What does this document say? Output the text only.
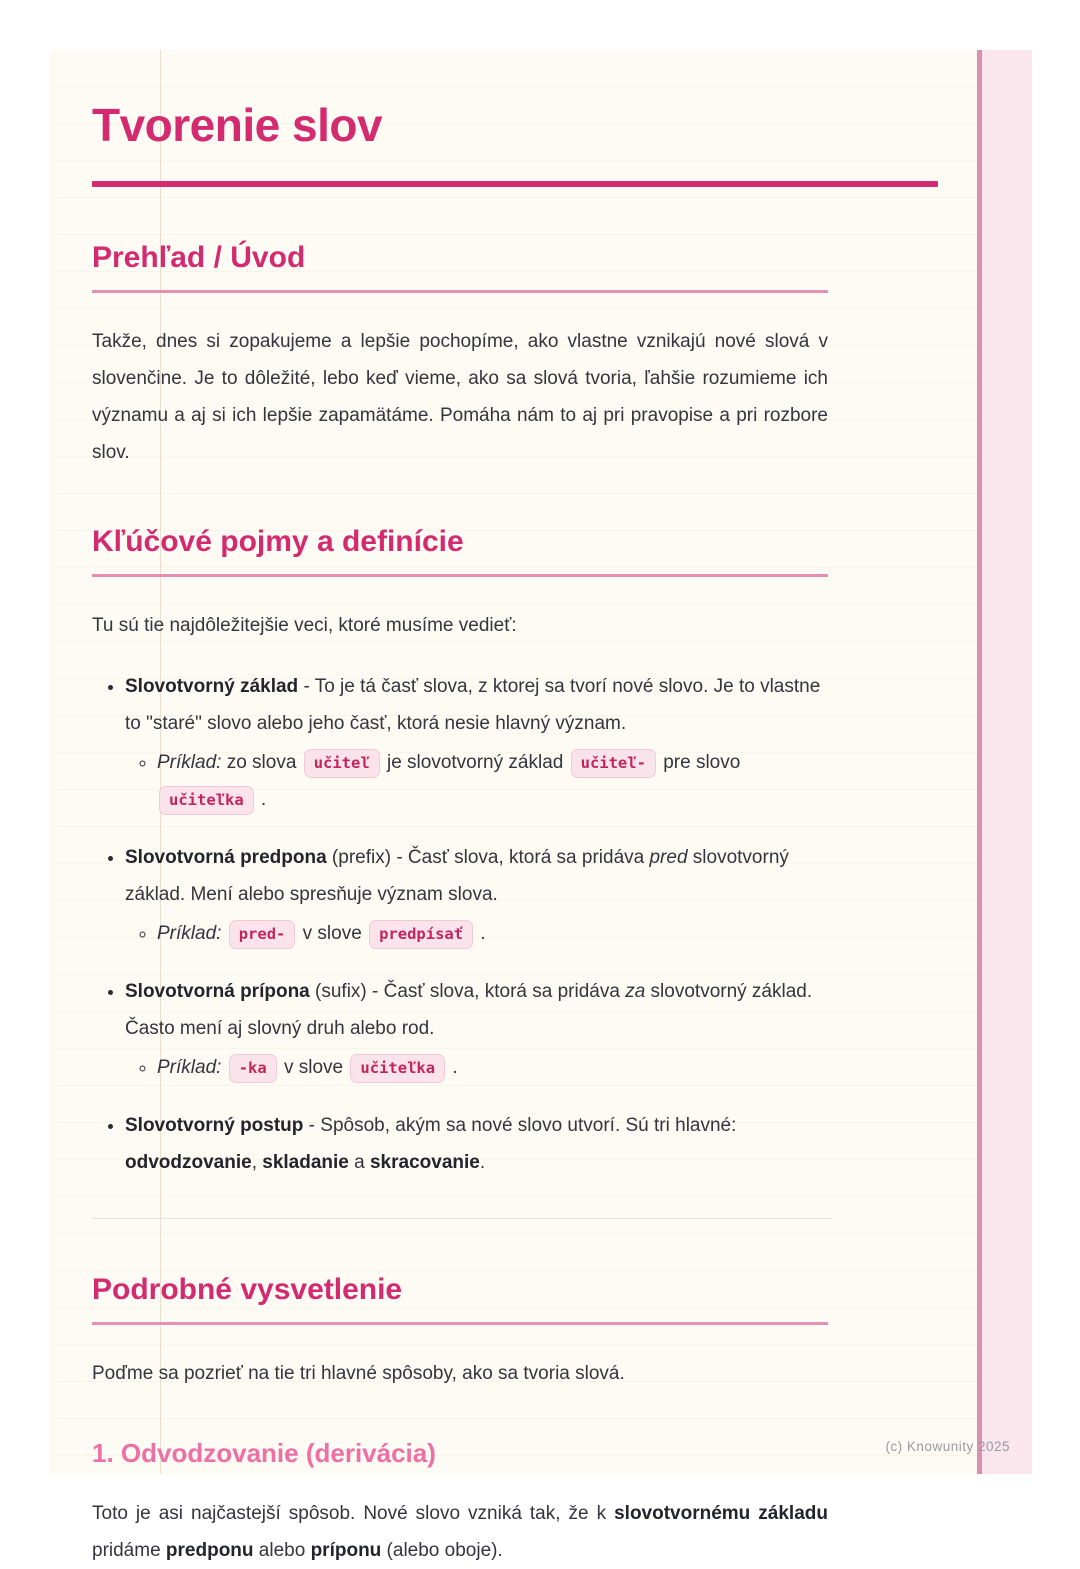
Tvorenie slov
Prehľad / Úvod

Takže, dnes si zopakujeme a lepšie pochopíme, ako vlastne vznikajú nové slová v slovenčine. Je to dôležité, lebo keď vieme, ako sa slová tvoria, ľahšie rozumieme ich významu a aj si ich lepšie zapamätáme. Pomáha nám to aj pri pravopise a pri rozbore slov.

Kľúčové pojmy a definície

Tu sú tie najdôležitejšie veci, ktoré musíme vedieť:

• Slovotvorný základ - To je tá časť slova, z ktorej sa tvorí nové slovo. Je to vlastne to "staré" slovo alebo jeho časť, ktorá nesie hlavný význam.
◦ Príklad: zo slova učiteľ je slovotvorný základ učiteľ- pre slovo učiteľka .
• Slovotvorná predpona (prefix) - Časť slova, ktorá sa pridáva pred slovotvorný základ. Mení alebo spresňuje význam slova.
◦ Príklad: pred- v slove predpísať .
• Slovotvorná prípona (sufix) - Časť slova, ktorá sa pridáva za slovotvorný základ. Často mení aj slovný druh alebo rod.
◦ Príklad: -ka v slove učiteľka .
• Slovotvorný postup - Spôsob, akým sa nové slovo utvorí. Sú tri hlavné: odvodzovanie, skladanie a skracovanie.
Podrobné vysvetlenie

Poďme sa pozrieť na tie tri hlavné spôsoby, ako sa tvoria slová.

1. Odvodzovanie (derivácia)

Toto je asi najčastejší spôsob. Nové slovo vzniká tak, že k slovotvornému základu pridáme predponu alebo príponu (alebo oboje).

(c) Knowunity 2025
